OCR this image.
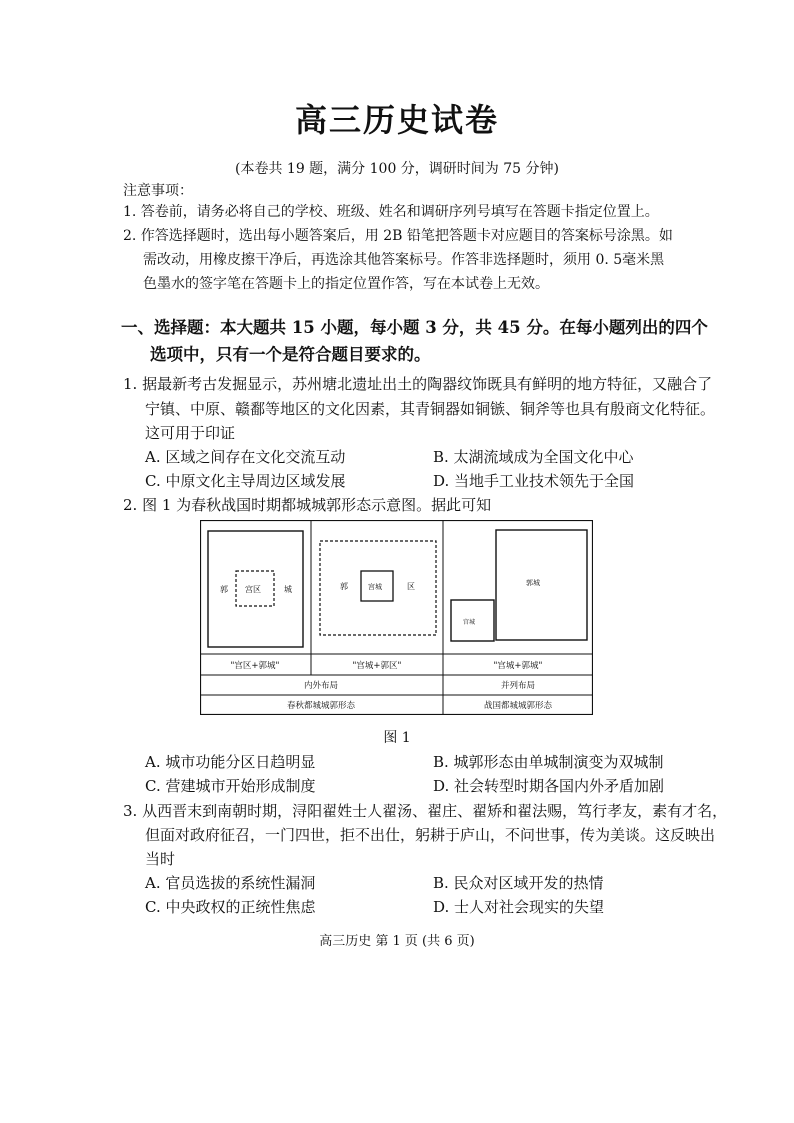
高三历史试卷
(本卷共 19 题，满分 100 分，调研时间为 75 分钟)
注意事项：
1. 答卷前，请务必将自己的学校、班级、姓名和调研序列号填写在答题卡指定位置上。
2. 作答选择题时，选出每小题答案后，用 2B 铅笔把答题卡对应题目的答案标号涂黑。如
需改动，用橡皮擦干净后，再选涂其他答案标号。作答非选择题时，须用 0. 5毫米黑
色墨水的签字笔在答题卡上的指定位置作答，写在本试卷上无效。
一、选择题：本大题共 15 小题，每小题 3 分，共 45 分。在每小题列出的四个
选项中，只有一个是符合题目要求的。
1. 据最新考古发掘显示，苏州塘北遗址出土的陶器纹饰既具有鲜明的地方特征，又融合了
宁镇、中原、赣鄱等地区的文化因素，其青铜器如铜镞、铜斧等也具有殷商文化特征。
这可用于印证
A. 区域之间存在文化交流互动	B. 太湖流域成为全国文化中心
C. 中原文化主导周边区域发展	D. 当地手工业技术领先于全国
2. 图 1 为春秋战国时期都城城郭形态示意图。据此可知
郭 宫区	城	郭	宫城	区	郭城
宫城
"宫区+郭城"	"宫城+郭区"	"宫城+郭城"
内外布局	并列布局
春秋都城城郭形态	战国都城城郭形态
图 1
A. 城市功能分区日趋明显	B. 城郭形态由单城制演变为双城制
C. 营建城市开始形成制度	D. 社会转型时期各国内外矛盾加剧
3. 从西晋末到南朝时期，浔阳翟姓士人翟汤、翟庄、翟矫和翟法赐，笃行孝友，素有才名，
但面对政府征召，一门四世，拒不出仕，躬耕于庐山，不问世事，传为美谈。这反映出
当时
A. 官员选拔的系统性漏洞	B. 民众对区域开发的热情
C. 中央政权的正统性焦虑	D. 士人对社会现实的失望
高三历史 第 1 页 (共 6 页)
